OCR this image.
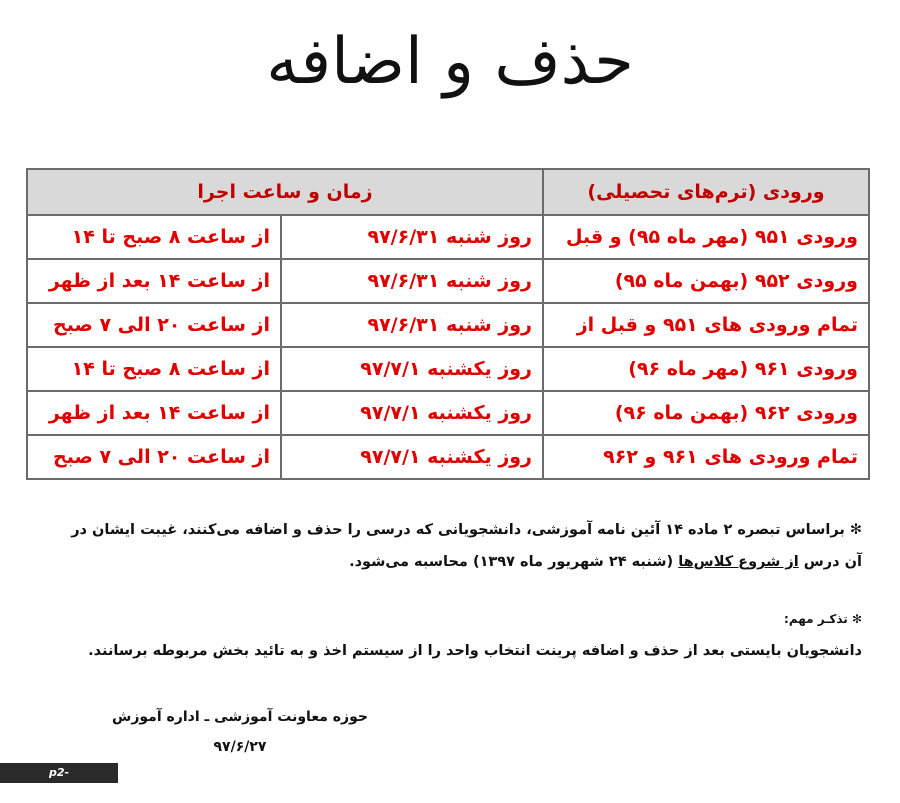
حذف و اضافه
ورودی (ترم‌های تحصیلی)	زمان و ساعت اجرا	
ورودی ۹۵۱ (مهر ماه ۹۵) و قبل	روز شنبه ۹۷/۶/۳۱	از ساعت ۸ صبح تا ۱۴
ورودی ۹۵۲ (بهمن ماه ۹۵)	روز شنبه ۹۷/۶/۳۱	از ساعت ۱۴ بعد از ظهر
تمام ورودی های ۹۵۱ و قبل از	روز شنبه ۹۷/۶/۳۱	از ساعت ۲۰ الی ۷ صبح
ورودی ۹۶۱ (مهر ماه ۹۶)	روز یکشنبه ۹۷/۷/۱	از ساعت ۸ صبح تا ۱۴
ورودی ۹۶۲ (بهمن ماه ۹۶)	روز یکشنبه ۹۷/۷/۱	از ساعت ۱۴ بعد از ظهر
تمام ورودی های ۹۶۱ و ۹۶۲	روز یکشنبه ۹۷/۷/۱	از ساعت ۲۰ الی ۷ صبح
✻ براساس تبصره ۲ ماده ۱۴ آئین نامه آموزشی، دانشجویانی که درسی را حذف و اضافه می‌کنند، غیبت ایشان در
آن درس از شروع کلاس‌ها (شنبه ۲۴ شهریور ماه ۱۳۹۷) محاسبه می‌شود.
✻ تذکـر مهم:
دانشجویان بایستی بعد از حذف و اضافه پرینت انتخاب واحد را از سیستم اخذ و به تائید بخش مربوطه برسانند.
حوزه معاونت آموزشی ـ اداره آموزش
۹۷/۶/۲۷
p2-kerman.tvu.ac.ir
